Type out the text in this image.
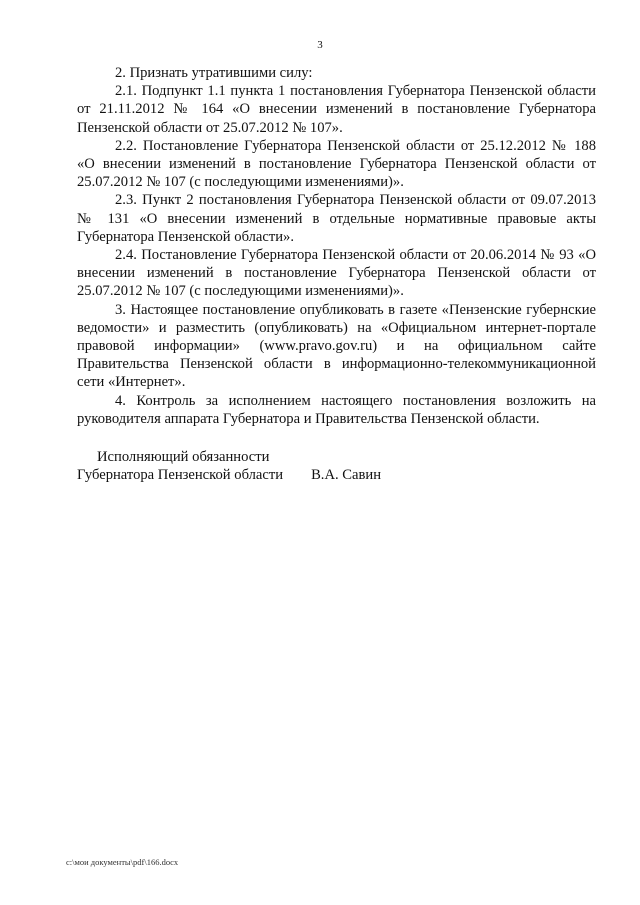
3

2. Признать утратившими силу:

2.1. Подпункт 1.1 пункта 1 постановления Губернатора Пензенской области от 21.11.2012 № 164 «О внесении изменений в постановление Губернатора Пензенской области от 25.07.2012 № 107».

2.2. Постановление Губернатора Пензенской области от 25.12.2012 № 188 «О внесении изменений в постановление Губернатора Пензенской области от 25.07.2012 № 107 (с последующими изменениями)».

2.3. Пункт 2 постановления Губернатора Пензенской области от 09.07.2013 № 131 «О внесении изменений в отдельные нормативные правовые акты Губернатора Пензенской области».

2.4. Постановление Губернатора Пензенской области от 20.06.2014 № 93 «О внесении изменений в постановление Губернатора Пензенской области от 25.07.2012 № 107 (с последующими изменениями)».

3. Настоящее постановление опубликовать в газете «Пензенские губернские ведомости» и разместить (опубликовать) на «Официальном интернет-портале правовой информации» (www.pravo.gov.ru) и на официальном сайте Правительства Пензенской области в информационно-телекоммуникационной сети «Интернет».

4. Контроль за исполнением настоящего постановления возложить на руководителя аппарата Губернатора и Правительства Пензенской области.

Исполняющий обязанности
Губернатора Пензенской области В.А. Савин
c:\мои документы\pdf\166.docx
